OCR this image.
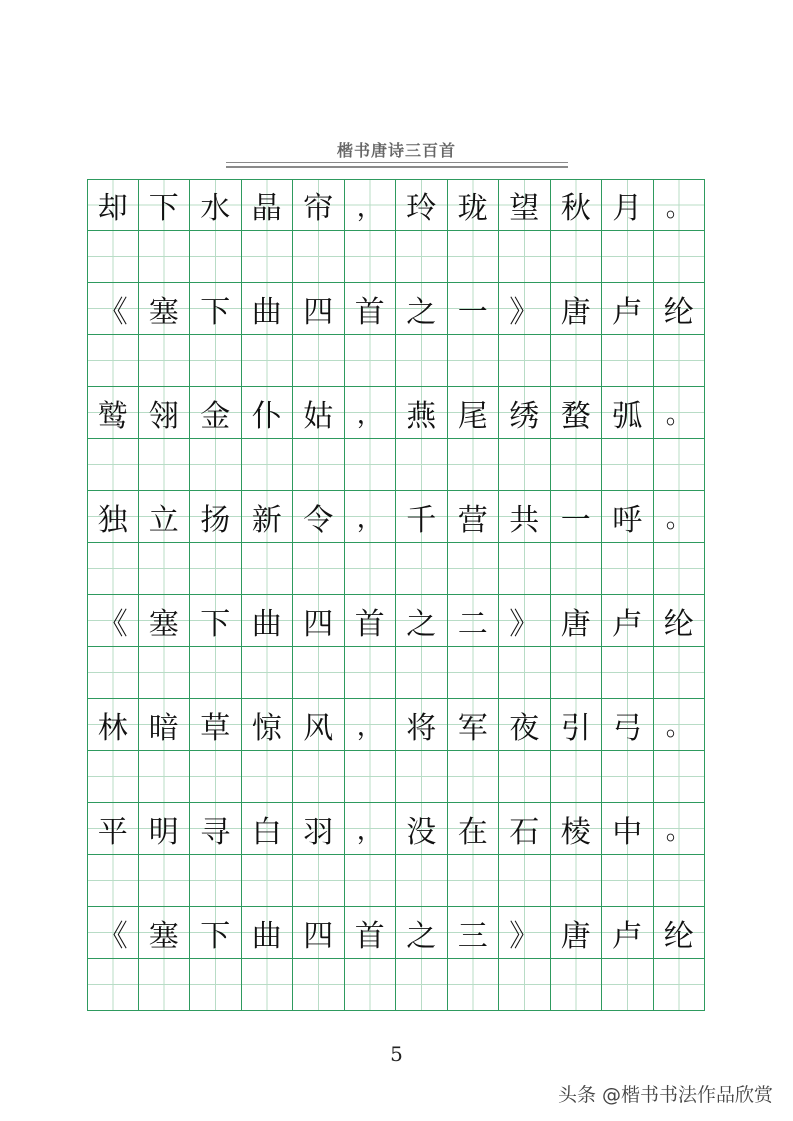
楷书唐诗三百首
却 下 水 晶 帘 ， 玲 珑 望 秋 月 。
《 塞 下 曲 四 首 之 一 》 唐 卢 纶
鹫 翎 金 仆 姑 ， 燕 尾 绣 蝥 弧 。
独 立 扬 新 令 ， 千 营 共 一 呼 。
《 塞 下 曲 四 首 之 二 》 唐 卢 纶
林 暗 草 惊 风 ， 将 军 夜 引 弓 。
平 明 寻 白 羽 ， 没 在 石 棱 中 。
《 塞 下 曲 四 首 之 三 》 唐 卢 纶
5
头条 @楷书书法作品欣赏
